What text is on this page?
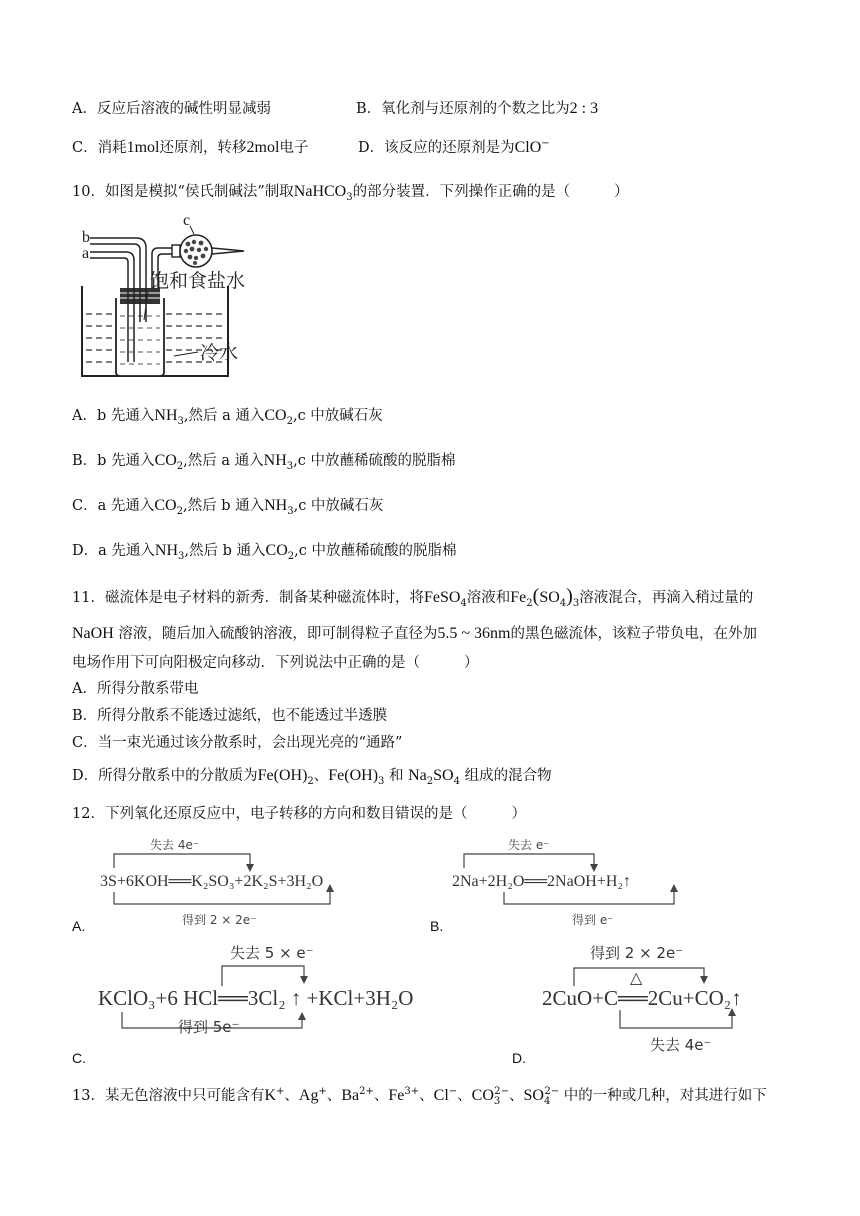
A．反应后溶液的碱性明显减弱	B．氧化剂与还原剂的个数之比为2 : 3
C．消耗1mol还原剂，转移2mol电子	D．该反应的还原剂是为ClO−
10．如图是模拟“侯氏制碱法”制取NaHCO$_3$的部分装置．下列操作正确的是（	）
a
b
c
饱和食盐水
冷水
A．b 先通入$NH_3$,然后 a 通入$CO_2,c$ 中放碱石灰
B．b 先通入$CO_2$,然后 a 通入$NH_3,c$ 中放蘸稀硫酸的脱脂棉
C．a 先通入$CO_2$,然后 b 通入$NH_3,c$ 中放碱石灰
D．a 先通入$NH_3$,然后 b 通入$CO_2,c$ 中放蘸稀硫酸的脱脂棉
11．磁流体是电子材料的新秀．制备某种磁流体时，将FeSO$_4$溶液和$Fe_2(SO_4)_3$溶液混合，再滴入稍过量的
NaOH 溶液，随后加入硫酸钠溶液，即可制得粒子直径为5.5 ~ 36nm的黑色磁流体，该粒子带负电，在外加
电场作用下可向阳极定向移动．下列说法中正确的是（	）
A．所得分散系带电
B．所得分散系不能透过滤纸，也不能透过半透膜
C．当一束光通过该分散系时，会出现光亮的“通路”
D．所得分散系中的分散质为$Fe(OH)_2$、$Fe(OH)_3$ 和 $Na_2SO_4$ 组成的混合物
12．下列氧化还原反应中，电子转移的方向和数目错误的是（	）
失去 4e⁻
3S+6KOH══K₂SO₃+2K₂S+3H₂O
得到 2 × 2e⁻
A.
失去 e⁻
2Na+2H₂O══2NaOH+H₂↑
得到 e⁻
B.
失去 5 × e⁻
KClO₃+6 HCl══3Cl₂ ↑ +KCl+3H₂O
得到 5e⁻
C.
得到 2 × 2e⁻
△
2CuO+C══2Cu+CO₂↑
失去 4e⁻
D.
13．某无色溶液中只可能含有K+、Ag+、$Ba^{2+}$、$Fe^{3+}$、Cl−、$CO_3^{2-}$、$SO_4^{2-}$ 中的一种或几种，对其进行如下
